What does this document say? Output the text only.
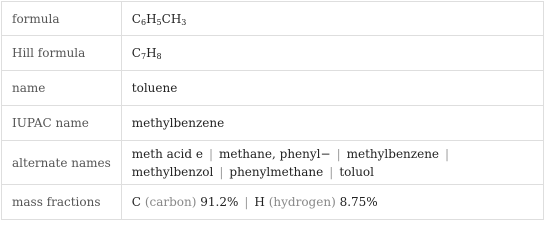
formula	$C_6H_5CH_3$
Hill formula	$C_7H_8$
name	toluene
IUPAC name	methylbenzene
alternate names	meth acid e | methane, phenyl− | methylbenzene |
methylbenzol | phenylmethane | toluol

mass fractions	C (carbon) 91.2% | H (hydrogen) 8.75%
